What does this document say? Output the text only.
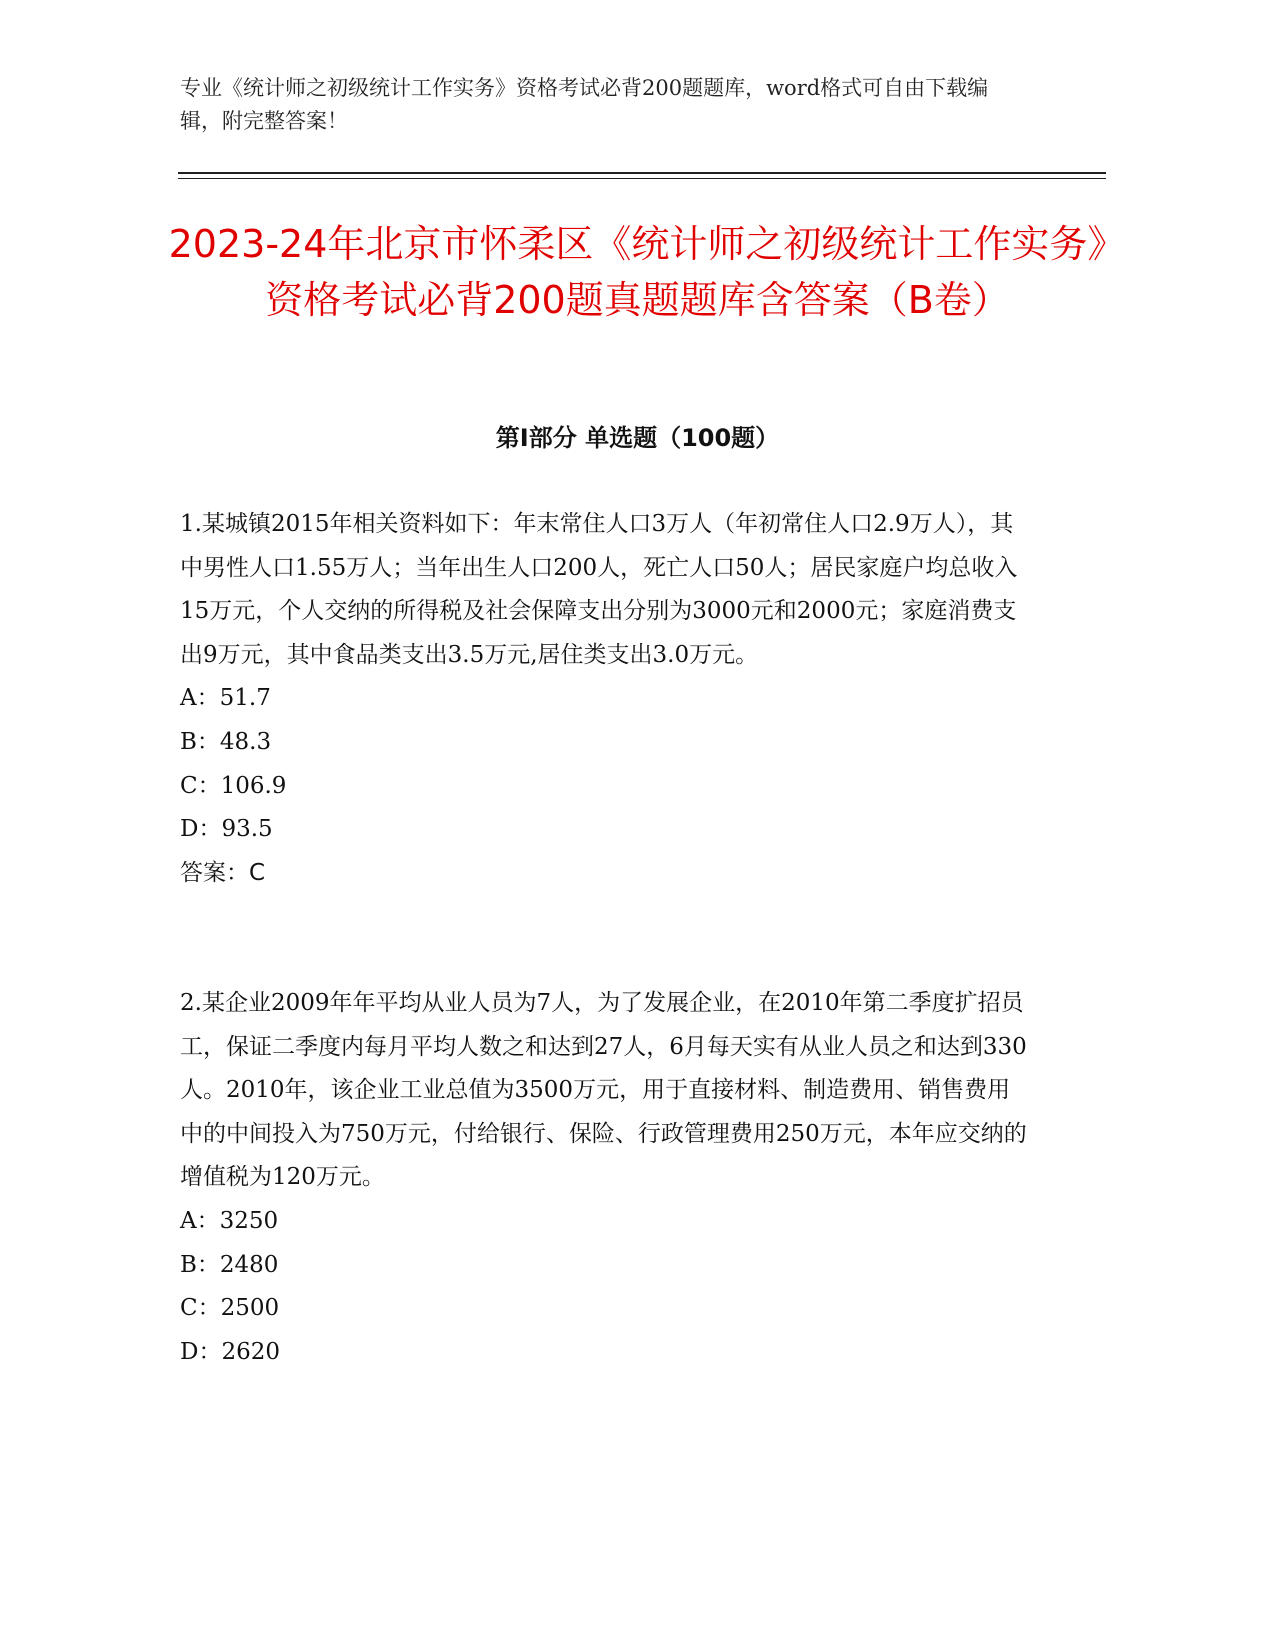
专业《统计师之初级统计工作实务》资格考试必背200题题库，word格式可自由下载编辑，附完整答案！

2023-24年北京市怀柔区《统计师之初级统计工作实务》资格考试必背200题真题题库含答案（B卷）
第I部分 单选题（100题）

1.某城镇2015年相关资料如下：年末常住人口3万人（年初常住人口2.9万人），其中男性人口1.55万人；当年出生人口200人，死亡人口50人；居民家庭户均总收入15万元，个人交纳的所得税及社会保障支出分别为3000元和2000元；家庭消费支出9万元，其中食品类支出3.5万元,居住类支出3.0万元。

A：51.7

B：48.3

C：106.9

D：93.5

答案：C

2.某企业2009年年平均从业人员为7人，为了发展企业，在2010年第二季度扩招员工，保证二季度内每月平均人数之和达到27人，6月每天实有从业人员之和达到330人。2010年，该企业工业总值为3500万元，用于直接材料、制造费用、销售费用中的中间投入为750万元，付给银行、保险、行政管理费用250万元，本年应交纳的增值税为120万元。

A：3250

B：2480

C：2500

D：2620
